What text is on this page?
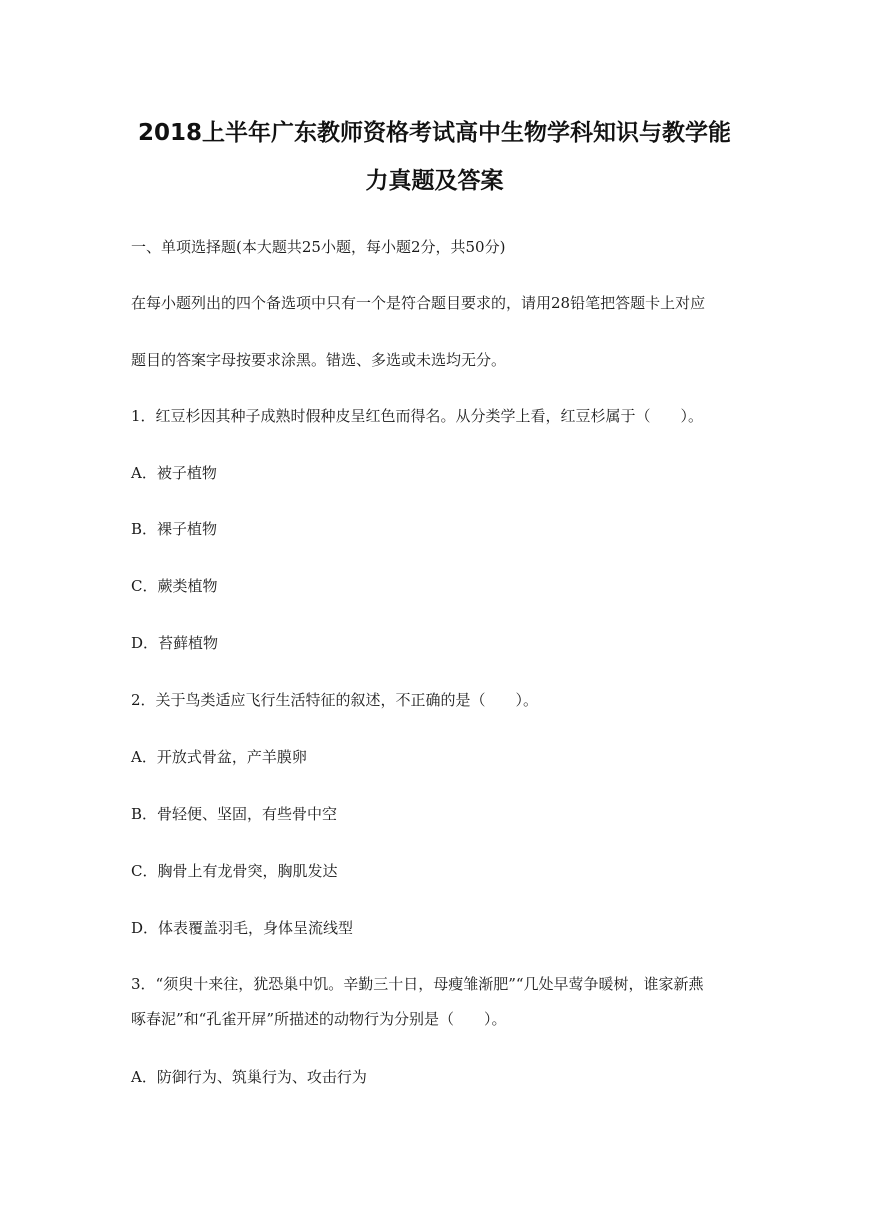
2018上半年广东教师资格考试高中生物学科知识与教学能
力真题及答案
一、单项选择题(本大题共25小题，每小题2分，共50分)
在每小题列出的四个备选项中只有一个是符合题目要求的，请用28铅笔把答题卡上对应
题目的答案字母按要求涂黑。错选、多选或未选均无分。
1．红豆杉因其种子成熟时假种皮呈红色而得名。从分类学上看，红豆杉属于（　　）。
A．被子植物
B．裸子植物
C．蕨类植物
D．苔藓植物
2．关于鸟类适应飞行生活特征的叙述，不正确的是（　　）。
A．开放式骨盆，产羊膜卵
B．骨轻便、坚固，有些骨中空
C．胸骨上有龙骨突，胸肌发达
D．体表覆盖羽毛，身体呈流线型
3．“须臾十来往，犹恐巢中饥。辛勤三十日，母瘦雏渐肥”“几处早莺争暖树，谁家新燕
啄春泥”和“孔雀开屏”所描述的动物行为分别是（　　）。
A．防御行为、筑巢行为、攻击行为
